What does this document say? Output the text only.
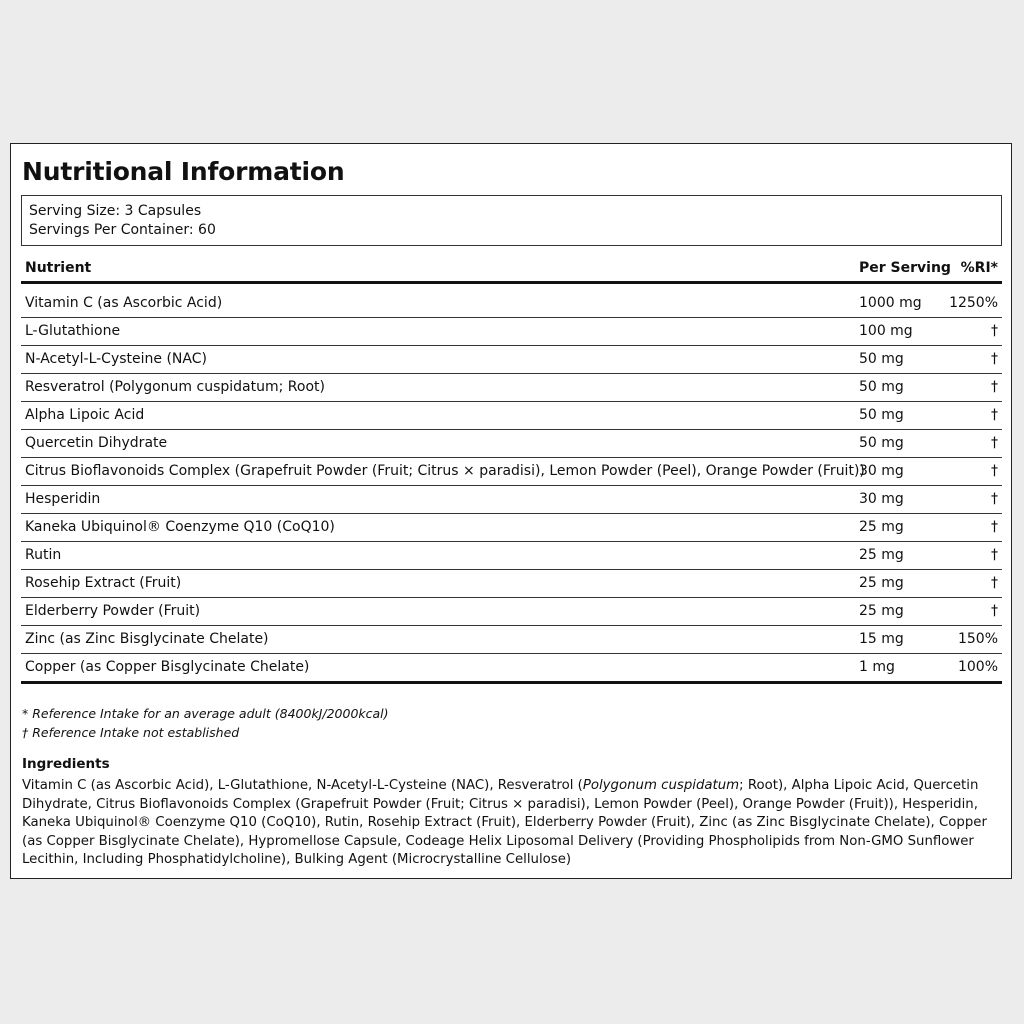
Nutritional Information
Serving Size: 3 Capsules
Servings Per Container: 60
Nutrient	Per Serving	%RI*

Vitamin C (as Ascorbic Acid)	1000 mg	1250%
L-Glutathione	100 mg	†
N-Acetyl-L-Cysteine (NAC)	50 mg	†
Resveratrol (Polygonum cuspidatum; Root)	50 mg	†
Alpha Lipoic Acid	50 mg	†
Quercetin Dihydrate	50 mg	†
Citrus Bioflavonoids Complex (Grapefruit Powder (Fruit; Citrus × paradisi), Lemon Powder (Peel), Orange Powder (Fruit))	30 mg	†
Hesperidin	30 mg	†
Kaneka Ubiquinol® Coenzyme Q10 (CoQ10)	25 mg	†
Rutin	25 mg	†
Rosehip Extract (Fruit)	25 mg	†
Elderberry Powder (Fruit)	25 mg	†
Zinc (as Zinc Bisglycinate Chelate)	15 mg	150%
Copper (as Copper Bisglycinate Chelate)	1 mg	100%
* Reference Intake for an average adult (8400kJ/2000kcal)
† Reference Intake not established
Ingredients
Vitamin C (as Ascorbic Acid), L-Glutathione, N-Acetyl-L-Cysteine (NAC), Resveratrol (Polygonum cuspidatum; Root), Alpha Lipoic Acid, Quercetin Dihydrate, Citrus Bioflavonoids Complex (Grapefruit Powder (Fruit; Citrus × paradisi), Lemon Powder (Peel), Orange Powder (Fruit)), Hesperidin, Kaneka Ubiquinol® Coenzyme Q10 (CoQ10), Rutin, Rosehip Extract (Fruit), Elderberry Powder (Fruit), Zinc (as Zinc Bisglycinate Chelate), Copper (as Copper Bisglycinate Chelate), Hypromellose Capsule, Codeage Helix Liposomal Delivery (Providing Phospholipids from Non-GMO Sunflower Lecithin, Including Phosphatidylcholine), Bulking Agent (Microcrystalline Cellulose)
